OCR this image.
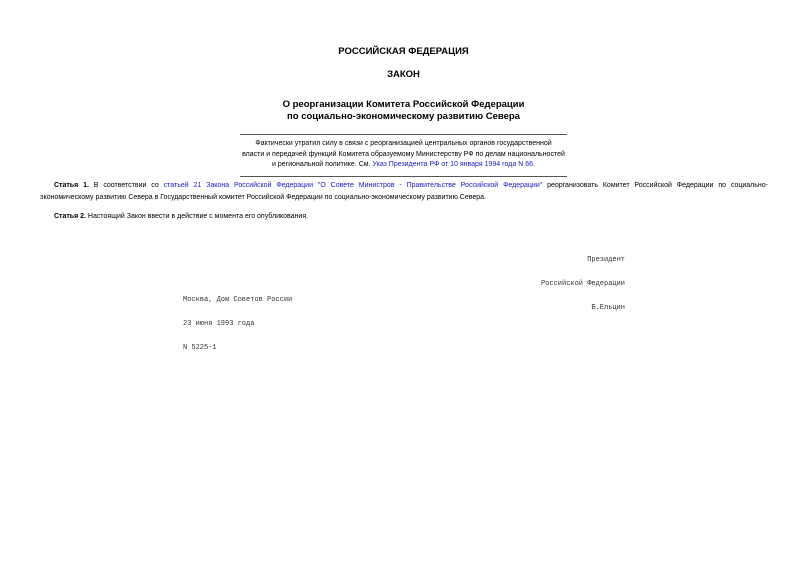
РОССИЙСКАЯ ФЕДЕРАЦИЯ
ЗАКОН
О реорганизации Комитета Российской Федерации
по социально-экономическому развитию Севера
Фактически утратил силу в связи с реорганизацией центральных органов государственной
власти и передачей функций Комитета образуемому Министерству РФ по делам национальностей
и региональной политике. См. Указ Президента РФ от 10 января 1994 года N 66.
Статья 1. В соответствии со статьей 21 Закона Российской Федерации "О Совете Министров - Правительстве Российской Федерации" реорганизовать Комитет Российской Федерации по социально-
экономическому развитию Севера в Государственный комитет Российской Федерации по социально-экономическому развитию Севера.
Статья 2. Настоящий Закон ввести в действие с момента его опубликования.

Президент

Российской Федерации

Б.Ельцин

Москва, Дом Советов России

23 июня 1993 года

N 5225-1
